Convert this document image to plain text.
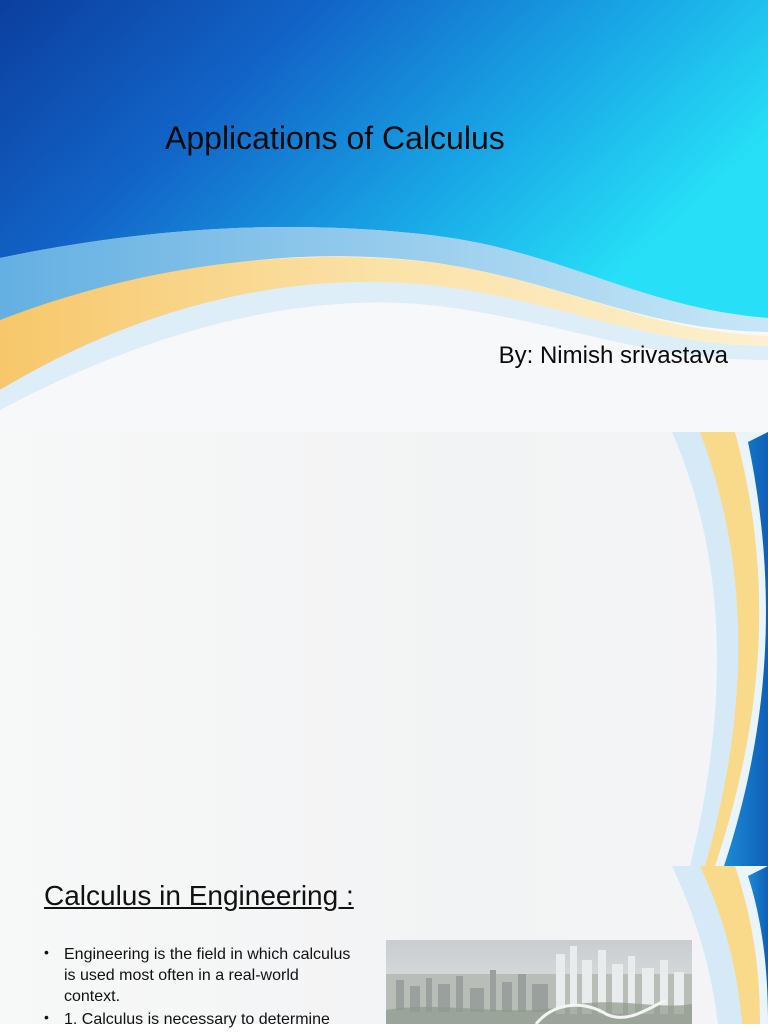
Applications of Calculus
By: Nimish srivastava
Calculus in Engineering :
• Engineering is the field in which calculus is used most often in a real-world context.
• 1. Calculus is necessary to determine
